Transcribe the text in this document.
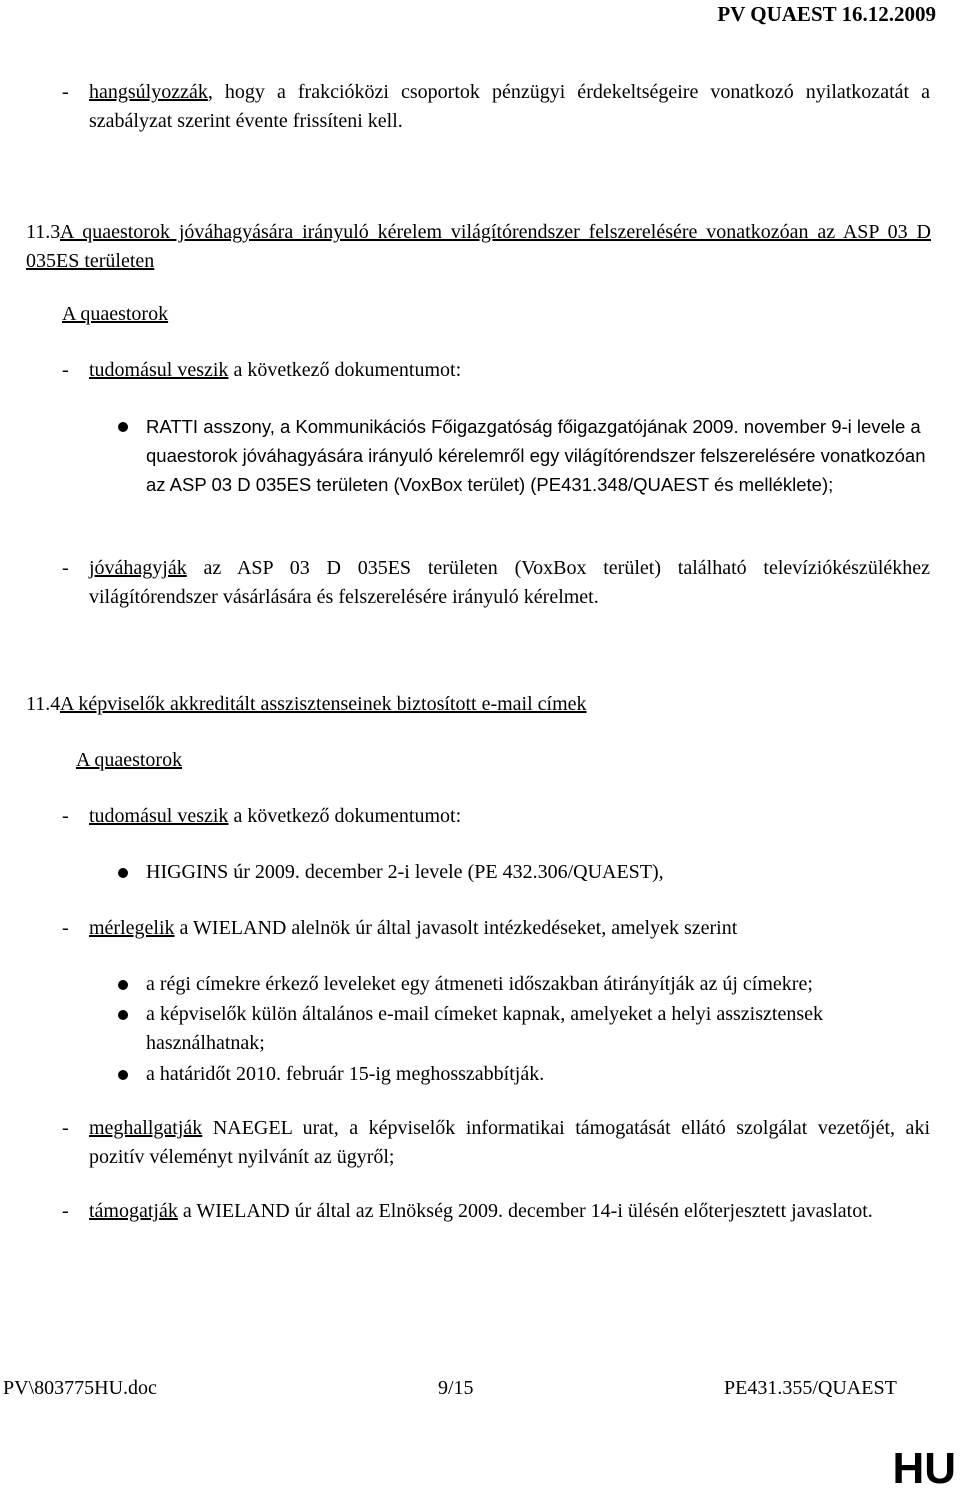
PV QUAEST 16.12.2009
- hangsúlyozzák, hogy a frakcióközi csoportok pénzügyi érdekeltségeire vonatkozó nyilatkozatát a szabályzat szerint évente frissíteni kell.
11.3A quaestorok jóváhagyására irányuló kérelem világítórendszer felszerelésére vonatkozóan az ASP 03 D 035ES területen
A quaestorok
- tudomásul veszik a következő dokumentumot:
RATTI asszony, a Kommunikációs Főigazgatóság főigazgatójának 2009. november 9-i levele a quaestorok jóváhagyására irányuló kérelemről egy világítórendszer felszerelésére vonatkozóan az ASP 03 D 035ES területen (VoxBox terület) (PE431.348/QUAEST és melléklete);
- jóváhagyják az ASP 03 D 035ES területen (VoxBox terület) található televíziókészülékhez világítórendszer vásárlására és felszerelésére irányuló kérelmet.
11.4A képviselők akkreditált asszisztenseinek biztosított e-mail címek
A quaestorok
- tudomásul veszik a következő dokumentumot:
HIGGINS úr 2009. december 2-i levele (PE 432.306/QUAEST),
- mérlegelik a WIELAND alelnök úr által javasolt intézkedéseket, amelyek szerint
a régi címekre érkező leveleket egy átmeneti időszakban átirányítják az új címekre;
a képviselők külön általános e-mail címeket kapnak, amelyeket a helyi asszisztensek használhatnak;
a határidőt 2010. február 15-ig meghosszabbítják.
- meghallgatják NAEGEL urat, a képviselők informatikai támogatását ellátó szolgálat vezetőjét, aki pozitív véleményt nyilvánít az ügyről;
- támogatják a WIELAND úr által az Elnökség 2009. december 14-i ülésén előterjesztett javaslatot.
PV\803775HU.doc	9/15	PE431.355/QUAEST
HU
